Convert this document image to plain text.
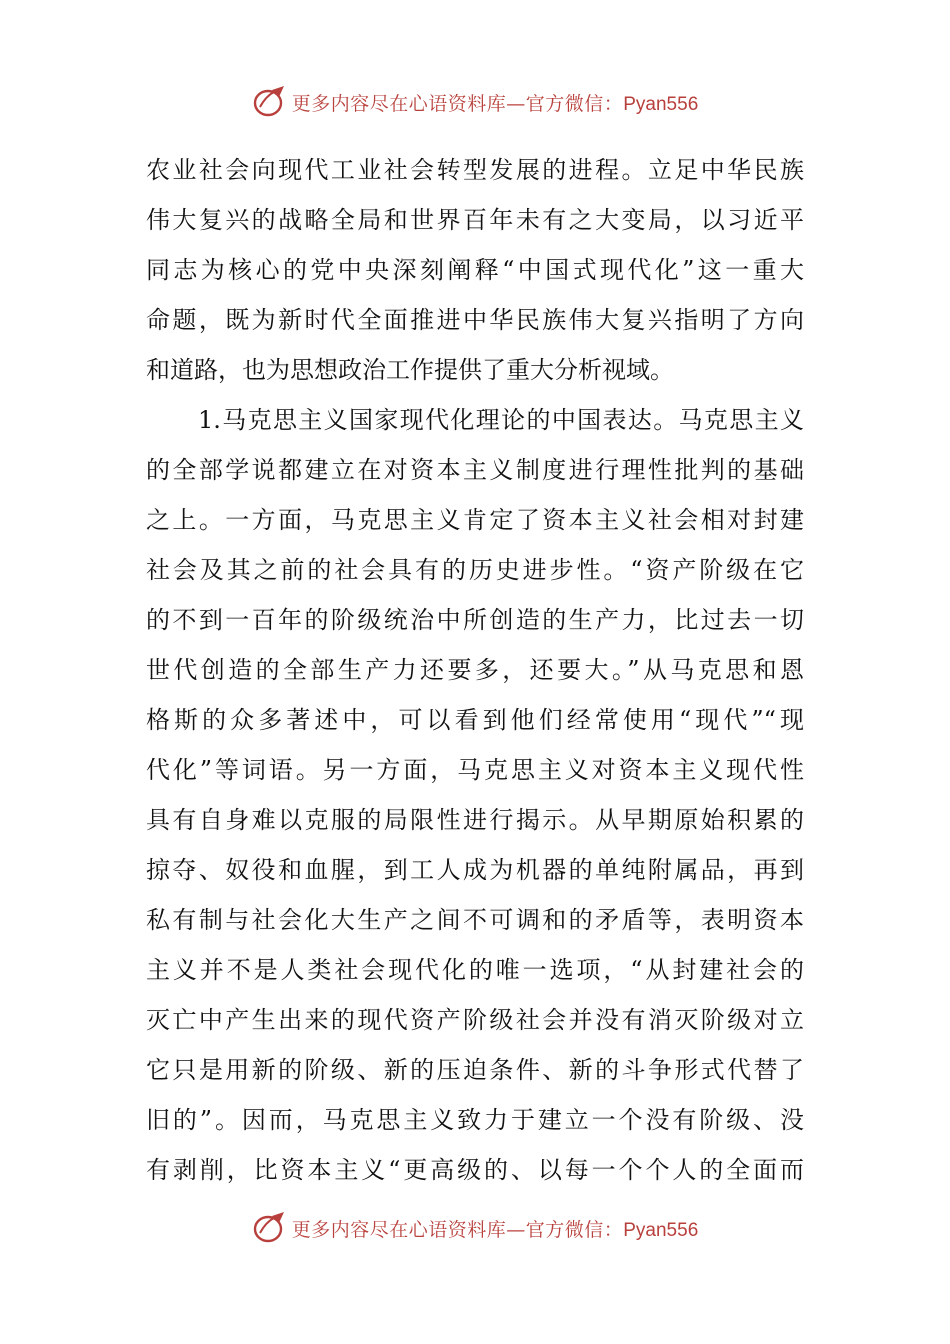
更多内容尽在心语资料库—官方微信：Pyan556

农业社会向现代工业社会转型发展的进程。立足中华民族
伟大复兴的战略全局和世界百年未有之大变局，以习近平
同志为核心的党中央深刻阐释“中国式现代化”这一重大
命题，既为新时代全面推进中华民族伟大复兴指明了方向
和道路，也为思想政治工作提供了重大分析视域。

1.马克思主义国家现代化理论的中国表达。马克思主义
的全部学说都建立在对资本主义制度进行理性批判的基础
之上。一方面，马克思主义肯定了资本主义社会相对封建
社会及其之前的社会具有的历史进步性。“资产阶级在它
的不到一百年的阶级统治中所创造的生产力，比过去一切
世代创造的全部生产力还要多，还要大。”从马克思和恩
格斯的众多著述中，可以看到他们经常使用“现代”“现
代化”等词语。另一方面，马克思主义对资本主义现代性
具有自身难以克服的局限性进行揭示。从早期原始积累的
掠夺、奴役和血腥，到工人成为机器的单纯附属品，再到
私有制与社会化大生产之间不可调和的矛盾等，表明资本
主义并不是人类社会现代化的唯一选项，“从封建社会的
灭亡中产生出来的现代资产阶级社会并没有消灭阶级对立
它只是用新的阶级、新的压迫条件、新的斗争形式代替了
旧的”。因而，马克思主义致力于建立一个没有阶级、没
有剥削，比资本主义“更高级的、以每一个个人的全面而

更多内容尽在心语资料库—官方微信：Pyan556
